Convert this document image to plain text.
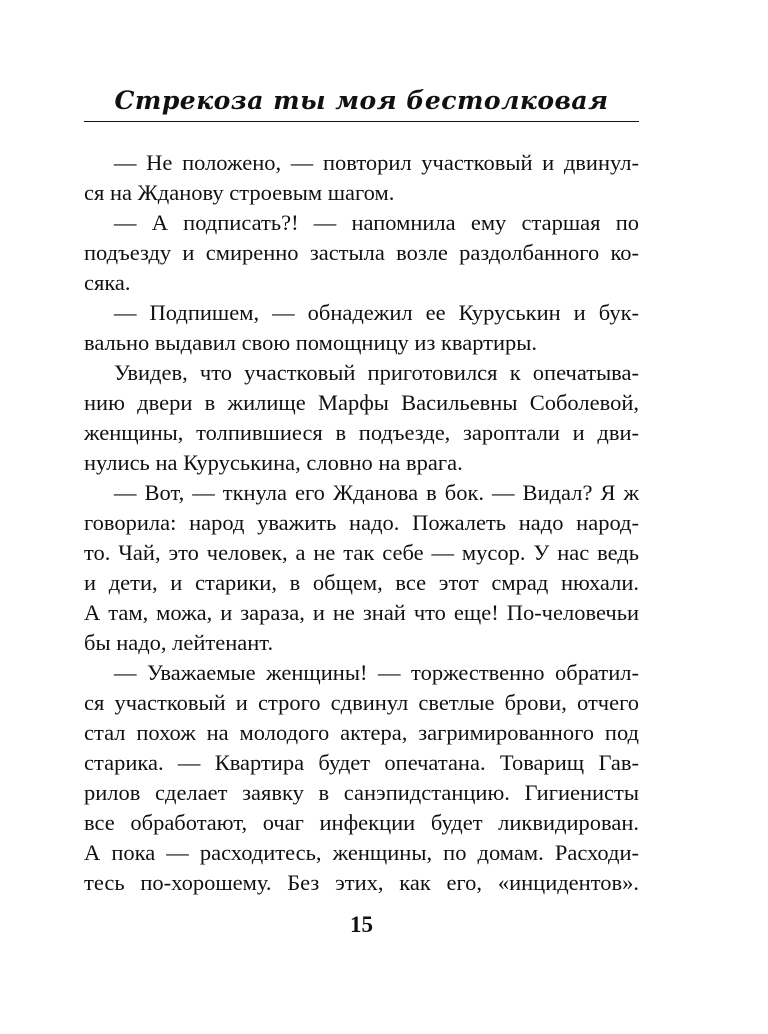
Стрекоза ты моя бестолковая
— Не положено, — повторил участковый и двинул-
ся на Жданову строевым шагом.
— А подписать?! — напомнила ему старшая по
подъезду и смиренно застыла возле раздолбанного ко-
сяка.
— Подпишем, — обнадежил ее Куруськин и бук-
вально выдавил свою помощницу из квартиры.
Увидев, что участковый приготовился к опечатыва-
нию двери в жилище Марфы Васильевны Соболевой,
женщины, толпившиеся в подъезде, зароптали и дви-
нулись на Куруськина, словно на врага.
— Вот, — ткнула его Жданова в бок. — Видал? Я ж
говорила: народ уважить надо. Пожалеть надо народ-
то. Чай, это человек, а не так себе — мусор. У нас ведь
и дети, и старики, в общем, все этот смрад нюхали.
А там, можа, и зараза, и не знай что еще! По-человечьи
бы надо, лейтенант.
— Уважаемые женщины! — торжественно обратил-
ся участковый и строго сдвинул светлые брови, отчего
стал похож на молодого актера, загримированного под
старика. — Квартира будет опечатана. Товарищ Гав-
рилов сделает заявку в санэпидстанцию. Гигиенисты
все обработают, очаг инфекции будет ликвидирован.
А пока — расходитесь, женщины, по домам. Расходи-
тесь по-хорошему. Без этих, как его, «инцидентов».
15
